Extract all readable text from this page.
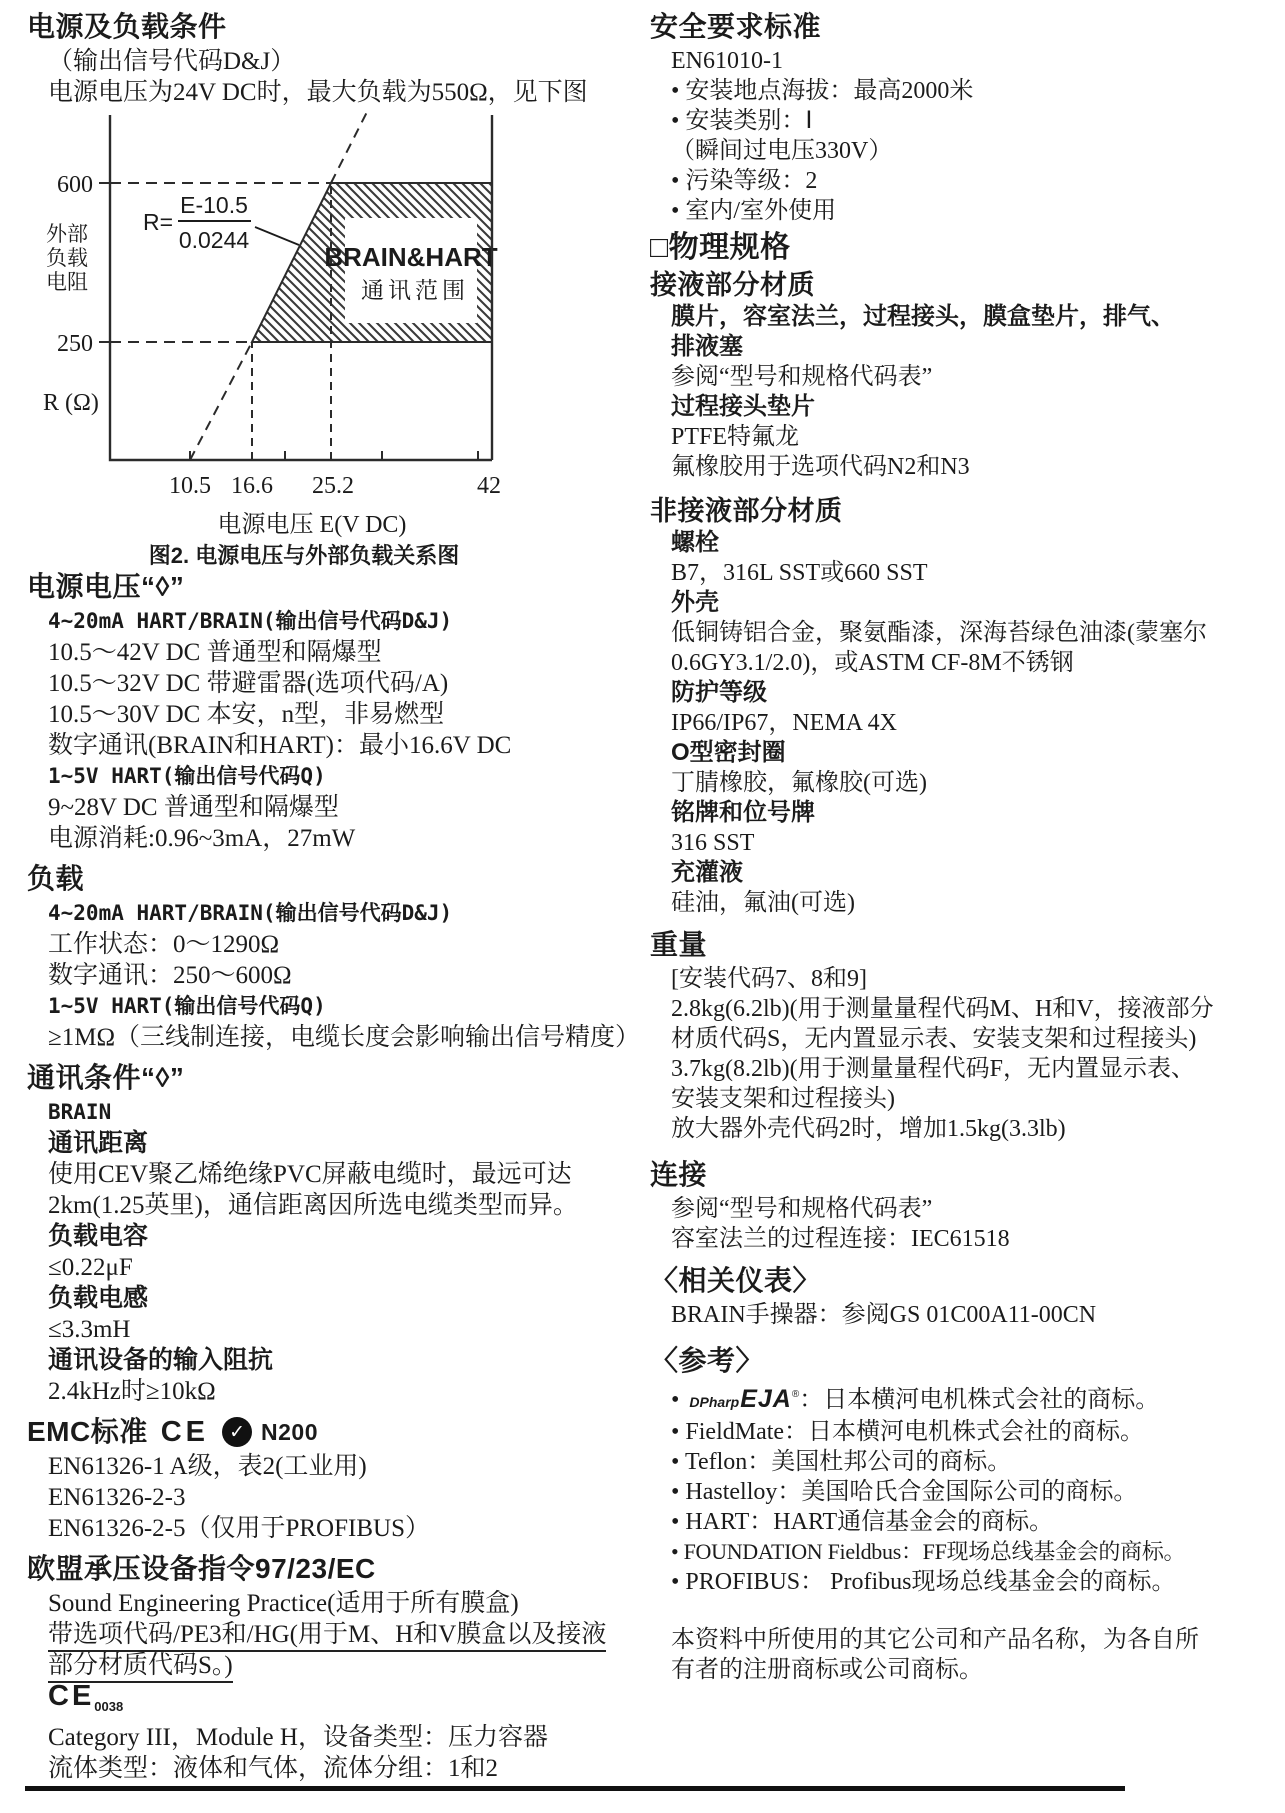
BRAIN&HART
通讯范围
R=
E-10.5
0.0244
600
250
外部
负载
电阻
R (Ω)
10.5 16.6 25.2	42
电源电压 E(V DC)
图2. 电源电压与外部负载关系图
电源及负载条件
（输出信号代码D&J）
电源电压为24V DC时，最大负载为550Ω，见下图
电源电压“◊”
4~20mA HART/BRAIN(输出信号代码D&J)
10.5～42V DC 普通型和隔爆型
10.5～32V DC 带避雷器(选项代码/A)
10.5～30V DC 本安，n型，非易燃型
数字通讯(BRAIN和HART)：最小16.6V DC
1~5V HART(输出信号代码Q)
9~28V DC 普通型和隔爆型
电源消耗:0.96~3mA，27mW
负载
4~20mA HART/BRAIN(输出信号代码D&J)
工作状态：0～1290Ω
数字通讯：250～600Ω
1~5V HART(输出信号代码Q)
≥1MΩ（三线制连接，电缆长度会影响输出信号精度）
通讯条件“◊”
BRAIN
通讯距离
使用CEV聚乙烯绝缘PVC屏蔽电缆时，最远可达
2km(1.25英里)，通信距离因所选电缆类型而异。
负载电容
≤0.22μF
负载电感
≤3.3mH
通讯设备的输入阻抗
2.4kHz时≥10kΩ
EMC标准 CE	✓ N200
EN61326-1 A级，表2(工业用)
EN61326-2-3
EN61326-2-5（仅用于PROFIBUS）
欧盟承压设备指令97/23/EC
Sound Engineering Practice(适用于所有膜盒)
带选项代码/PE3和/HG(用于M、H和V膜盒以及接液
部分材质代码S。)
$CE_{0038}$
Category III，Module H，设备类型：压力容器
流体类型：液体和气体，流体分组：1和2
安全要求标准
EN61010-1
• 安装地点海拔：最高2000米
• 安装类别：Ⅰ
（瞬间过电压330V）
• 污染等级：2
• 室内/室外使用
□物理规格
接液部分材质
膜片，容室法兰，过程接头，膜盒垫片，排气、
排液塞
参阅“型号和规格代码表”
过程接头垫片
PTFE特氟龙
氟橡胶用于选项代码N2和N3
非接液部分材质
螺栓
B7，316L SST或660 SST
外壳
低铜铸铝合金，聚氨酯漆，深海苔绿色油漆(蒙塞尔
0.6GY3.1/2.0)，或ASTM CF-8M不锈钢
防护等级
IP66/IP67，NEMA 4X
O型密封圈
丁腈橡胶，氟橡胶(可选)
铭牌和位号牌
316 SST
充灌液
硅油，氟油(可选)
重量
[安装代码7、8和9]
2.8kg(6.2lb)(用于测量量程代码M、H和V，接液部分
材质代码S，无内置显示表、安装支架和过程接头)
3.7kg(8.2lb)(用于测量量程代码F，无内置显示表、
安装支架和过程接头)
放大器外壳代码2时，增加1.5kg(3.3lb)
连接
参阅“型号和规格代码表”
容室法兰的过程连接：IEC61518
〈相关仪表〉
BRAIN手操器：参阅GS 01C00A11-00CN
〈参考〉
• DPharpEJA®：日本横河电机株式会社的商标。
• FieldMate：日本横河电机株式会社的商标。
• Teflon：美国杜邦公司的商标。
• Hastelloy：美国哈氏合金国际公司的商标。
• HART：HART通信基金会的商标。
• FOUNDATION Fieldbus：FF现场总线基金会的商标。
• PROFIBUS： Profibus现场总线基金会的商标。
本资料中所使用的其它公司和产品名称，为各自所
有者的注册商标或公司商标。
